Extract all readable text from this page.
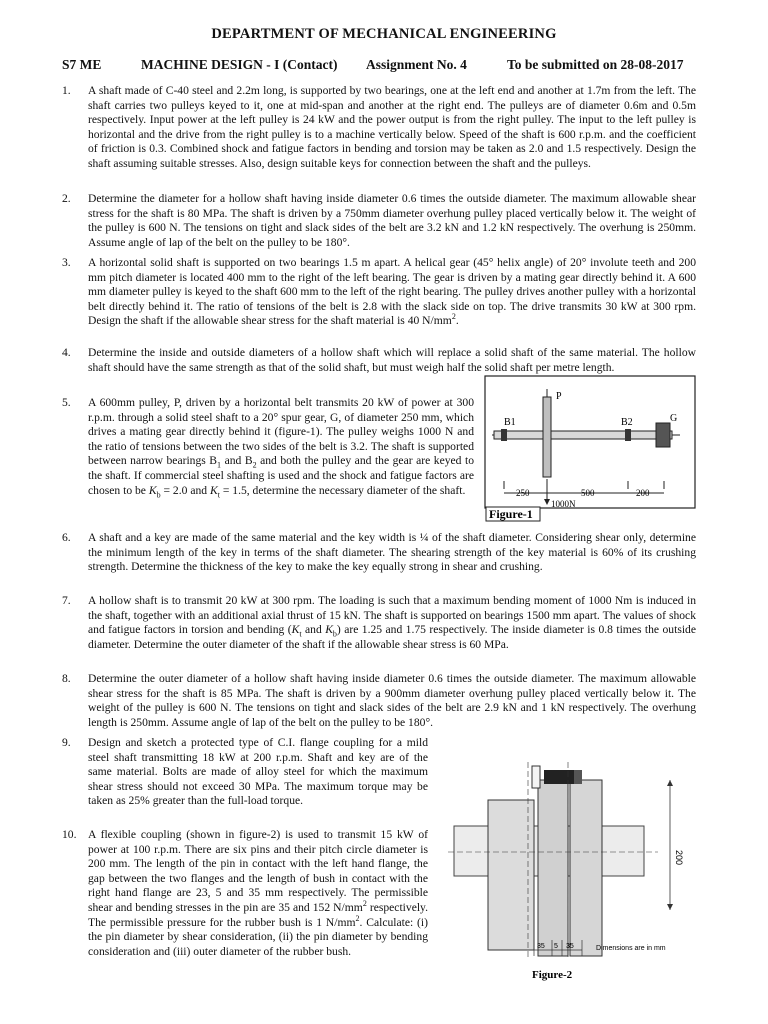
DEPARTMENT OF MECHANICAL ENGINEERING
S7 ME	MACHINE DESIGN - I (Contact) Assignment No. 4	To be submitted on 28-08-2017
1. A shaft made of C-40 steel and 2.2m long, is supported by two bearings, one at the left end and another at 1.7m from the left. The shaft carries two pulleys keyed to it, one at mid-span and another at the right end. The pulleys are of diameter 0.6m and 0.5m respectively. Input power at the left pulley is 24 kW and the power output is from the right pulley. The input to the left pulley is horizontal and the drive from the right pulley is to a machine vertically below. Speed of the shaft is 600 r.p.m. and the coefficient of friction is 0.3. Combined shock and fatigue factors in bending and torsion may be taken as 2.0 and 1.5 respectively. Design the shaft assuming suitable stresses. Also, design suitable keys for connection between the shaft and the pulleys.
2. Determine the diameter for a hollow shaft having inside diameter 0.6 times the outside diameter. The maximum allowable shear stress for the shaft is 80 MPa. The shaft is driven by a 750mm diameter overhung pulley placed vertically below it. The weight of the pulley is 600 N. The tensions on tight and slack sides of the belt are 3.2 kN and 1.2 kN respectively. The overhung is 250mm. Assume angle of lap of the belt on the pulley to be 180°.
3. A horizontal solid shaft is supported on two bearings 1.5 m apart. A helical gear (45° helix angle) of 20° involute teeth and 200 mm pitch diameter is located 400 mm to the right of the left bearing. The gear is driven by a mating gear directly behind it. A 600 mm diameter pulley is keyed to the shaft 600 mm to the left of the right bearing. The pulley drives another pulley with a horizontal belt directly behind it. The ratio of tensions of the belt is 2.8 with the slack side on top. The drive transmits 30 kW at 300 rpm. Design the shaft if the allowable shear stress for the shaft material is 40 $N/mm^2$.
4. Determine the inside and outside diameters of a hollow shaft which will replace a solid shaft of the same material. The hollow shaft should have the same strength as that of the solid shaft, but must weigh half the solid shaft per metre length.
5. A 600mm pulley, P, driven by a horizontal belt transmits 20 kW of power at 300 r.p.m. through a solid steel shaft to a 20° spur gear, G, of diameter 250 mm, which drives a mating gear directly behind it (figure-1). The pulley weighs 1000 N and the ratio of tensions between the two sides of the belt is 3.2. The shaft is supported between narrow bearings $B_1$ and $B_2$ and both the pulley and the gear are keyed to the shaft. If commercial steel shafting is used and the shock and fatigue factors are chosen to be $K_b = 2.0$ and $K_t = 1.5$, determine the necessary diameter of the shaft.
P
B1	B2	G
250	500	200
1000N
Figure-1
6. A shaft and a key are made of the same material and the key width is ¼ of the shaft diameter. Considering shear only, determine the minimum length of the key in terms of the shaft diameter. The shearing strength of the key material is 60% of its crushing strength. Determine the thickness of the key to make the key equally strong in shear and crushing.
7. A hollow shaft is to transmit 20 kW at 300 rpm. The loading is such that a maximum bending moment of 1000 Nm is induced in the shaft, together with an additional axial thrust of 15 kN. The shaft is supported on bearings 1500 mm apart. The values of shock and fatigue factors in torsion and bending ($K_t$ and $K_b$) are 1.25 and 1.75 respectively. The inside diameter is 0.8 times the outside diameter. Determine the outer diameter of the shaft if the allowable shear stress is 60 MPa.
8. Determine the outer diameter of a hollow shaft having inside diameter 0.6 times the outside diameter. The maximum allowable shear stress for the shaft is 85 MPa. The shaft is driven by a 900mm diameter overhung pulley placed vertically below it. The weight of the pulley is 600 N. The tensions on tight and slack sides of the belt are 2.9 kN and 1 kN respectively. The overhung length is 250mm. Assume angle of lap of the belt on the pulley to be 180°.
9. Design and sketch a protected type of C.I. flange coupling for a mild steel shaft transmitting 18 kW at 200 r.p.m. Shaft and key are of the same material. Bolts are made of alloy steel for which the maximum shear stress should not exceed 30 MPa. The maximum torque may be taken as 25% greater than the full-load torque.
10. A flexible coupling (shown in figure-2) is used to transmit 15 kW of power at 100 r.p.m. There are six pins and their pitch circle diameter is 200 mm. The length of the pin in contact with the left hand flange, the gap between the two flanges and the length of bush in contact with the right hand flange are 23, 5 and 35 mm respectively. The permissible shear and bending stresses in the pin are 35 and 152 $N/mm^2$ respectively. The permissible pressure for the rubber bush is 1 $N/mm^2$. Calculate: (i) the pin diameter by shear consideration, (ii) the pin diameter by bending consideration and (iii) outer diameter of the rubber bush.
200
35 5 35	Dimensions are in mm
Figure-2
